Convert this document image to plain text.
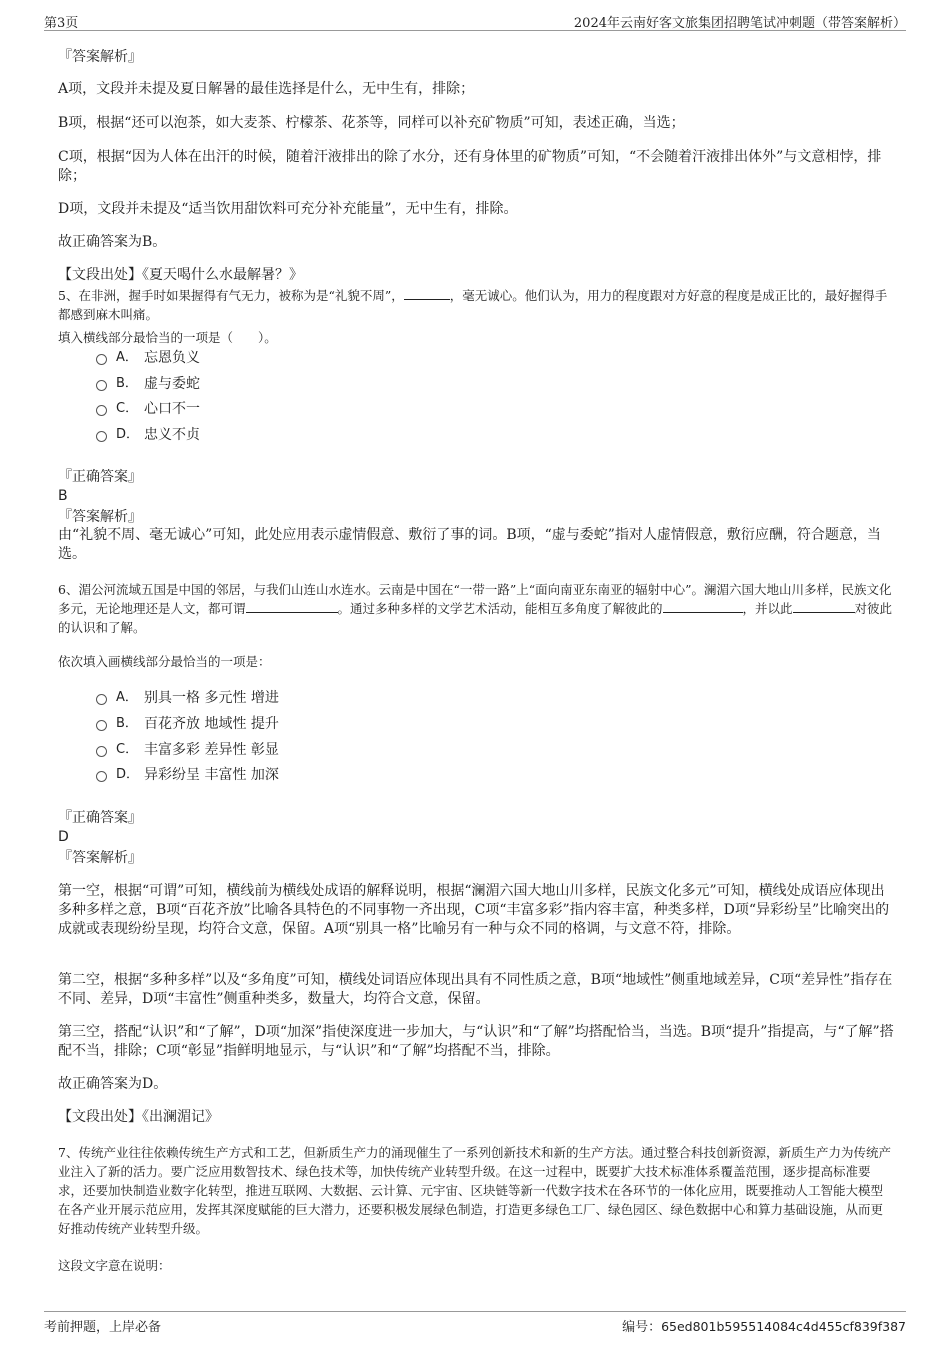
第3页	2024年云南好客文旅集团招聘笔试冲刺题（带答案解析）
『答案解析』

A项，文段并未提及夏日解暑的最佳选择是什么，无中生有，排除；

B项，根据“还可以泡茶，如大麦茶、柠檬茶、花茶等，同样可以补充矿物质”可知，表述正确，当选；

C项，根据“因为人体在出汗的时候，随着汗液排出的除了水分，还有身体里的矿物质”可知，“不会随着汗液排出体外”与文意相悖，排除；

D项，文段并未提及“适当饮用甜饮料可充分补充能量”，无中生有，排除。

故正确答案为B。

【文段出处】《夏天喝什么水最解暑？》

5、在非洲，握手时如果握得有气无力，被称为是“礼貌不周”，	，毫无诚心。他们认为，用力的程度跟对方好意的程度是成正比的，最好握得手都感到麻木叫痛。

填入横线部分最恰当的一项是（　　）。

A． 忘恩负义
B． 虚与委蛇
C． 心口不一
D． 忠义不贞
『正确答案』
B
『答案解析』

由“礼貌不周、毫无诚心”可知，此处应用表示虚情假意、敷衍了事的词。B项，“虚与委蛇”指对人虚情假意，敷衍应酬，符合题意，当选。

6、湄公河流域五国是中国的邻居，与我们山连山水连水。云南是中国在“一带一路”上“面向南亚东南亚的辐射中心”。澜湄六国大地山川多样，民族文化多元，无论地理还是人文，都可谓	。通过多种多样的文学艺术活动，能相互多角度了解彼此的	，并以此	对彼此的认识和了解。

依次填入画横线部分最恰当的一项是：

A． 别具一格 多元性 增进
B． 百花齐放 地域性 提升
C． 丰富多彩 差异性 彰显
D． 异彩纷呈 丰富性 加深
『正确答案』
D
『答案解析』

第一空，根据“可谓”可知，横线前为横线处成语的解释说明，根据“澜湄六国大地山川多样，民族文化多元”可知，横线处成语应体现出多种多样之意，B项“百花齐放”比喻各具特色的不同事物一齐出现，C项“丰富多彩”指内容丰富，种类多样，D项“异彩纷呈”比喻突出的成就或表现纷纷呈现，均符合文意，保留。A项“别具一格”比喻另有一种与众不同的格调，与文意不符，排除。

第二空，根据“多种多样”以及“多角度”可知，横线处词语应体现出具有不同性质之意，B项“地域性”侧重地域差异，C项“差异性”指存在不同、差异，D项“丰富性”侧重种类多，数量大，均符合文意，保留。

第三空，搭配“认识”和“了解”，D项“加深”指使深度进一步加大，与“认识”和“了解”均搭配恰当，当选。B项“提升”指提高，与“了解”搭配不当，排除；C项“彰显”指鲜明地显示，与“认识”和“了解”均搭配不当，排除。

故正确答案为D。

【文段出处】《出澜湄记》

7、传统产业往往依赖传统生产方式和工艺，但新质生产力的涌现催生了一系列创新技术和新的生产方法。通过整合科技创新资源，新质生产力为传统产业注入了新的活力。要广泛应用数智技术、绿色技术等，加快传统产业转型升级。在这一过程中，既要扩大技术标准体系覆盖范围，逐步提高标准要求，还要加快制造业数字化转型，推进互联网、大数据、云计算、元宇宙、区块链等新一代数字技术在各环节的一体化应用，既要推动人工智能大模型在各产业开展示范应用，发挥其深度赋能的巨大潜力，还要积极发展绿色制造，打造更多绿色工厂、绿色园区、绿色数据中心和算力基础设施，从而更好推动传统产业转型升级。

这段文字意在说明：

考前押题，上岸必备	编号：65ed801b595514084c4d455cf839f387
